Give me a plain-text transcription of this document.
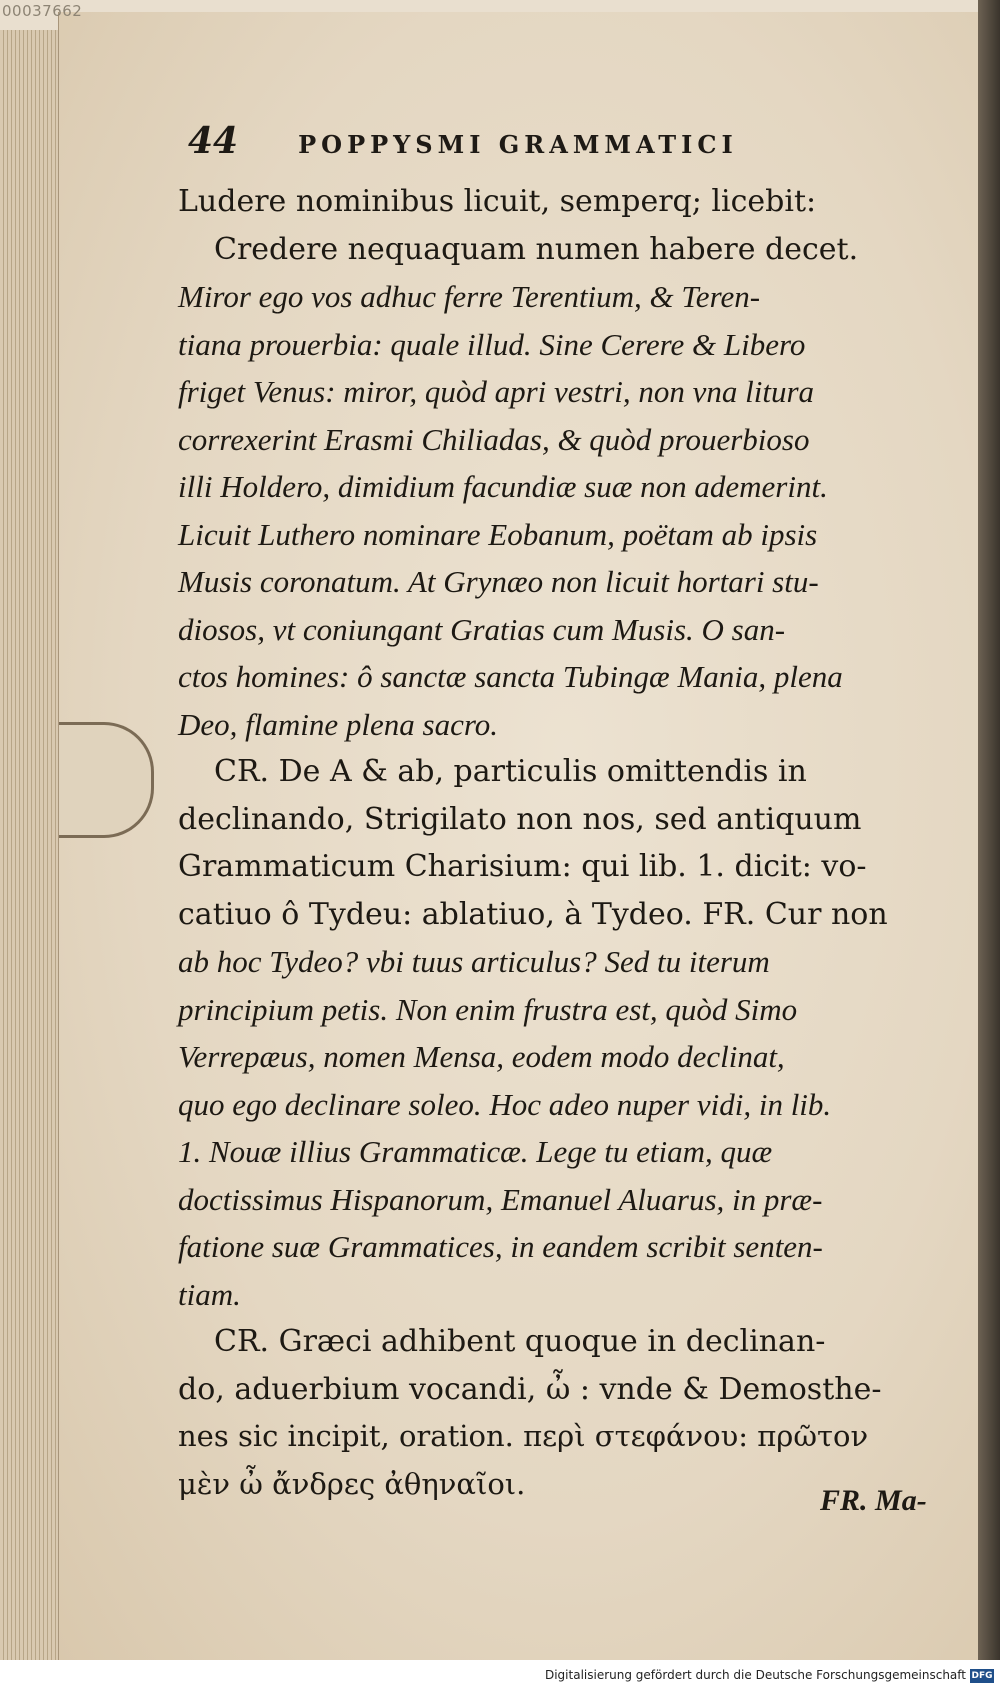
00037662
44	POPPYSMI GRAMMATICI
Ludere nominibus licuit, semperq; licebit:
Credere nequaquam numen habere decet.
Miror ego vos adhuc ferre Terentium, & Teren-
tiana prouerbia: quale illud. Sine Cerere & Libero
friget Venus: miror, quòd apri vestri, non vna litura
correxerint Erasmi Chiliadas, & quòd prouerbioso
illi Holdero, dimidium facundiæ suæ non ademerint.
Licuit Luthero nominare Eobanum, poëtam ab ipsis
Musis coronatum. At Grynæo non licuit hortari stu-
diosos, vt coniungant Gratias cum Musis. O san-
ctos homines: ô sanctæ sancta Tubingæ Mania, plena
Deo, flamine plena sacro.
CR. De A & ab, particulis omittendis in
declinando, Strigilato non nos, sed antiquum
Grammaticum Charisium: qui lib. 1. dicit: vo-
catiuo ô Tydeu: ablatiuo, à Tydeo. FR. Cur non
ab hoc Tydeo? vbi tuus articulus? Sed tu iterum
principium petis. Non enim frustra est, quòd Simo
Verrepæus, nomen Mensa, eodem modo declinat,
quo ego declinare soleo. Hoc adeo nuper vidi, in lib.
1. Nouæ illius Grammaticæ. Lege tu etiam, quæ
doctissimus Hispanorum, Emanuel Aluarus, in præ-
fatione suæ Grammatices, in eandem scribit senten-
tiam.
CR. Græci adhibent quoque in declinan-
do, aduerbium vocandi, ὦ : vnde & Demosthe-
nes sic incipit, oration. περὶ στεφάνου: πρῶτον
μὲν ὦ ἄνδρες ἀθηναῖοι.	FR. Ma-
Digitalisierung gefördert durch die Deutsche Forschungsgemeinschaft DFG
